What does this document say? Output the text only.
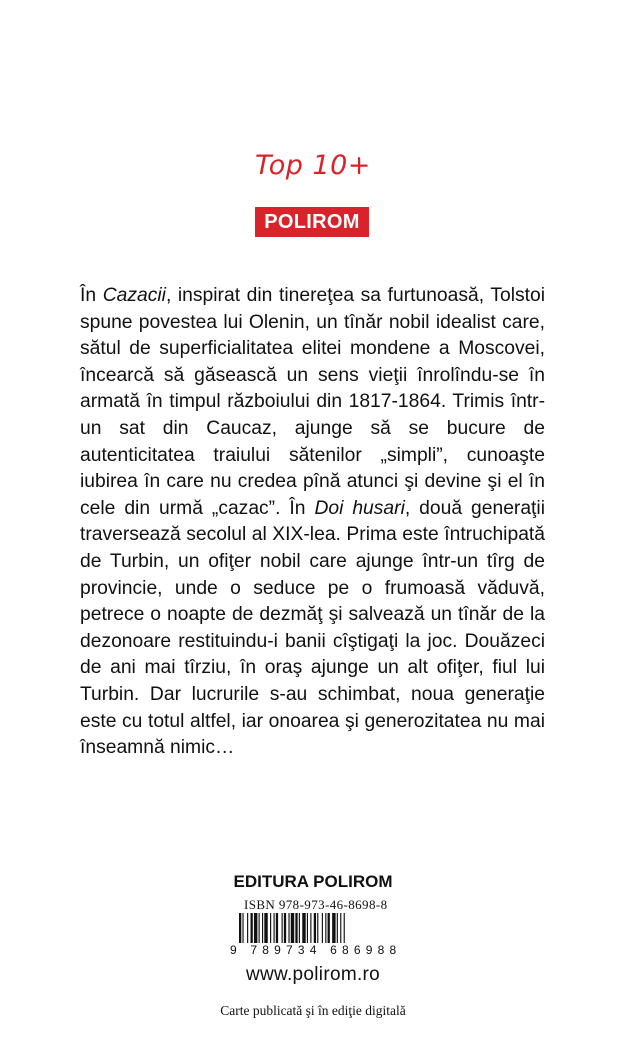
Top 10+
POLIROM
În Cazacii, inspirat din tinereţea sa furtunoasă, Tolstoi spune povestea lui Olenin, un tînăr nobil idealist care, sătul de superficialitatea elitei mondene a Moscovei, încearcă să găsească un sens vieţii înrolîndu-se în armată în timpul războiului din 1817-1864. Trimis într-un sat din Caucaz, ajunge să se bucure de autenticitatea traiului sătenilor „simpli”, cunoaşte iubirea în care nu credea pînă atunci şi devine şi el în cele din urmă „cazac”. În Doi husari, două generaţii traversează secolul al XIX-lea. Prima este întruchipată de Turbin, un ofiţer nobil care ajunge într-un tîrg de provincie, unde o seduce pe o frumoasă văduvă, petrece o noapte de dezmăţ şi salvează un tînăr de la dezonoare restituindu-i banii cîştigaţi la joc. Douăzeci de ani mai tîrziu, în oraş ajunge un alt ofiţer, fiul lui Turbin. Dar lucrurile s-au schimbat, noua generaţie este cu totul altfel, iar onoarea şi generozitatea nu mai înseamnă nimic…
EDITURA POLIROM
ISBN 978-973-46-8698-8
9 789734 686988
www.polirom.ro
Carte publicată şi în ediţie digitală
